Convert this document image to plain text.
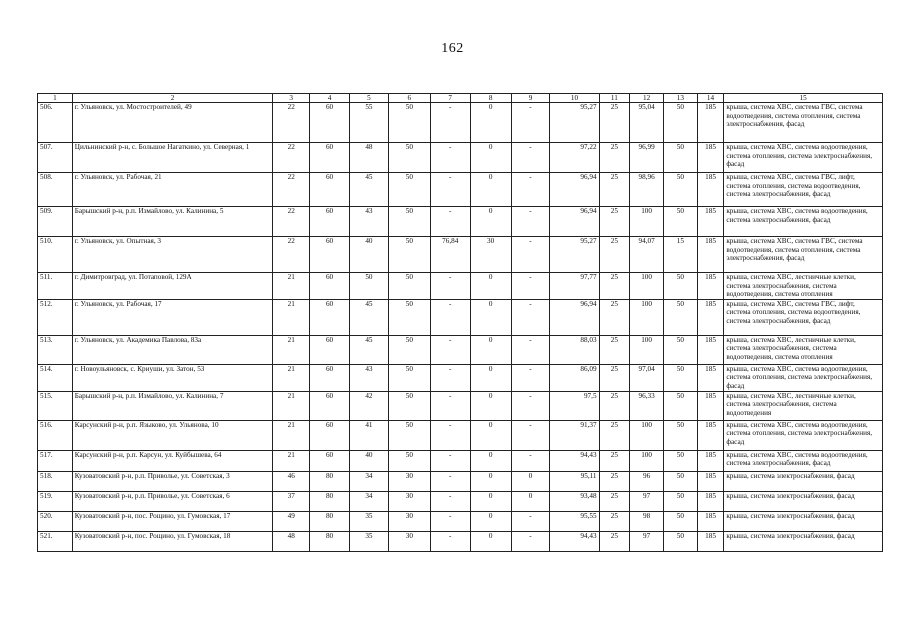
162
1	2	3	4	5	6	7	8	9	10	11	12	13	14	15
506.	г. Ульяновск, ул. Мостостроителей, 49	22	60	55	50	-	0	-	95,27	25	95,04	50	185	крыша, система ХВС, система ГВС, система водоотведения, система отопления, система электроснабжения, фасад
507.	Цильнинский р-н, с. Большое Нагаткино, ул. Северная, 1	22	60	48	50	-	0	-	97,22	25	96,99	50	185	крыша, система ХВС, система водоотведения, система отопления, система электроснабжения, фасад
508.	г. Ульяновск, ул. Рабочая, 21	22	60	45	50	-	0	-	96,94	25	98,96	50	185	крыша, система ХВС, система ГВС, лифт, система отопления, система водоотведения, система электроснабжения, фасад
509.	Барышский р-н, р.п. Измайлово, ул. Калинина, 5	22	60	43	50	-	0	-	96,94	25	100	50	185	крыша, система ХВС, система водоотведения, система электроснабжения, фасад
510.	г. Ульяновск, ул. Опытная, 3	22	60	40	50	76,84	30	-	95,27	25	94,07	15	185	крыша, система ХВС, система ГВС, система водоотведения, система отопления, система электроснабжения, фасад
511.	г. Димитровград, ул. Потаповой, 129А	21	60	50	50	-	0	-	97,77	25	100	50	185	крыша, система ХВС, лестничные клетки, система электроснабжения, система водоотведения, система отопления
512.	г. Ульяновск, ул. Рабочая, 17	21	60	45	50	-	0	-	96,94	25	100	50	185	крыша, система ХВС, система ГВС, лифт, система отопления, система водоотведения, система электроснабжения, фасад
513.	г. Ульяновск, ул. Академика Павлова, 83а	21	60	45	50	-	0	-	88,03	25	100	50	185	крыша, система ХВС, лестничные клетки, система электроснабжения, система водоотведения, система отопления
514.	г. Новоульяновск, с. Криуши, ул. Затон, 53	21	60	43	50	-	0	-	86,09	25	97,04	50	185	крыша, система ХВС, система водоотведения, система отопления, система электроснабжения, фасад
515.	Барышский р-н, р.п. Измайлово, ул. Калинина, 7	21	60	42	50	-	0	-	97,5	25	96,33	50	185	крыша, система ХВС, лестничные клетки, система электроснабжения, система водоотведения
516.	Карсунский р-н, р.п. Языково, ул. Ульянова, 10	21	60	41	50	-	0	-	91,37	25	100	50	185	крыша, система ХВС, система водоотведения, система отопления, система электроснабжения, фасад
517.	Карсунский р-н, р.п. Карсун, ул. Куйбышева, 64	21	60	40	50	-	0	-	94,43	25	100	50	185	крыша, система ХВС, система водоотведения, система электроснабжения, фасад
518.	Кузоватовский р-н, р.п. Приволье, ул. Советская, 3	46	80	34	30	-	0	0	95,11	25	96	50	185	крыша, система электроснабжения, фасад
519.	Кузоватовский р-н, р.п. Приволье, ул. Советская, 6	37	80	34	30	-	0	0	93,48	25	97	50	185	крыша, система электроснабжения, фасад
520.	Кузоватовский р-н, пос. Рощино, ул. Гумовская, 17	49	80	35	30	-	0	-	95,55	25	98	50	185	крыша, система электроснабжения, фасад
521.	Кузоватовский р-н, пос. Рощино, ул. Гумовская, 18	48	80	35	30	-	0	-	94,43	25	97	50	185	крыша, система электроснабжения, фасад
